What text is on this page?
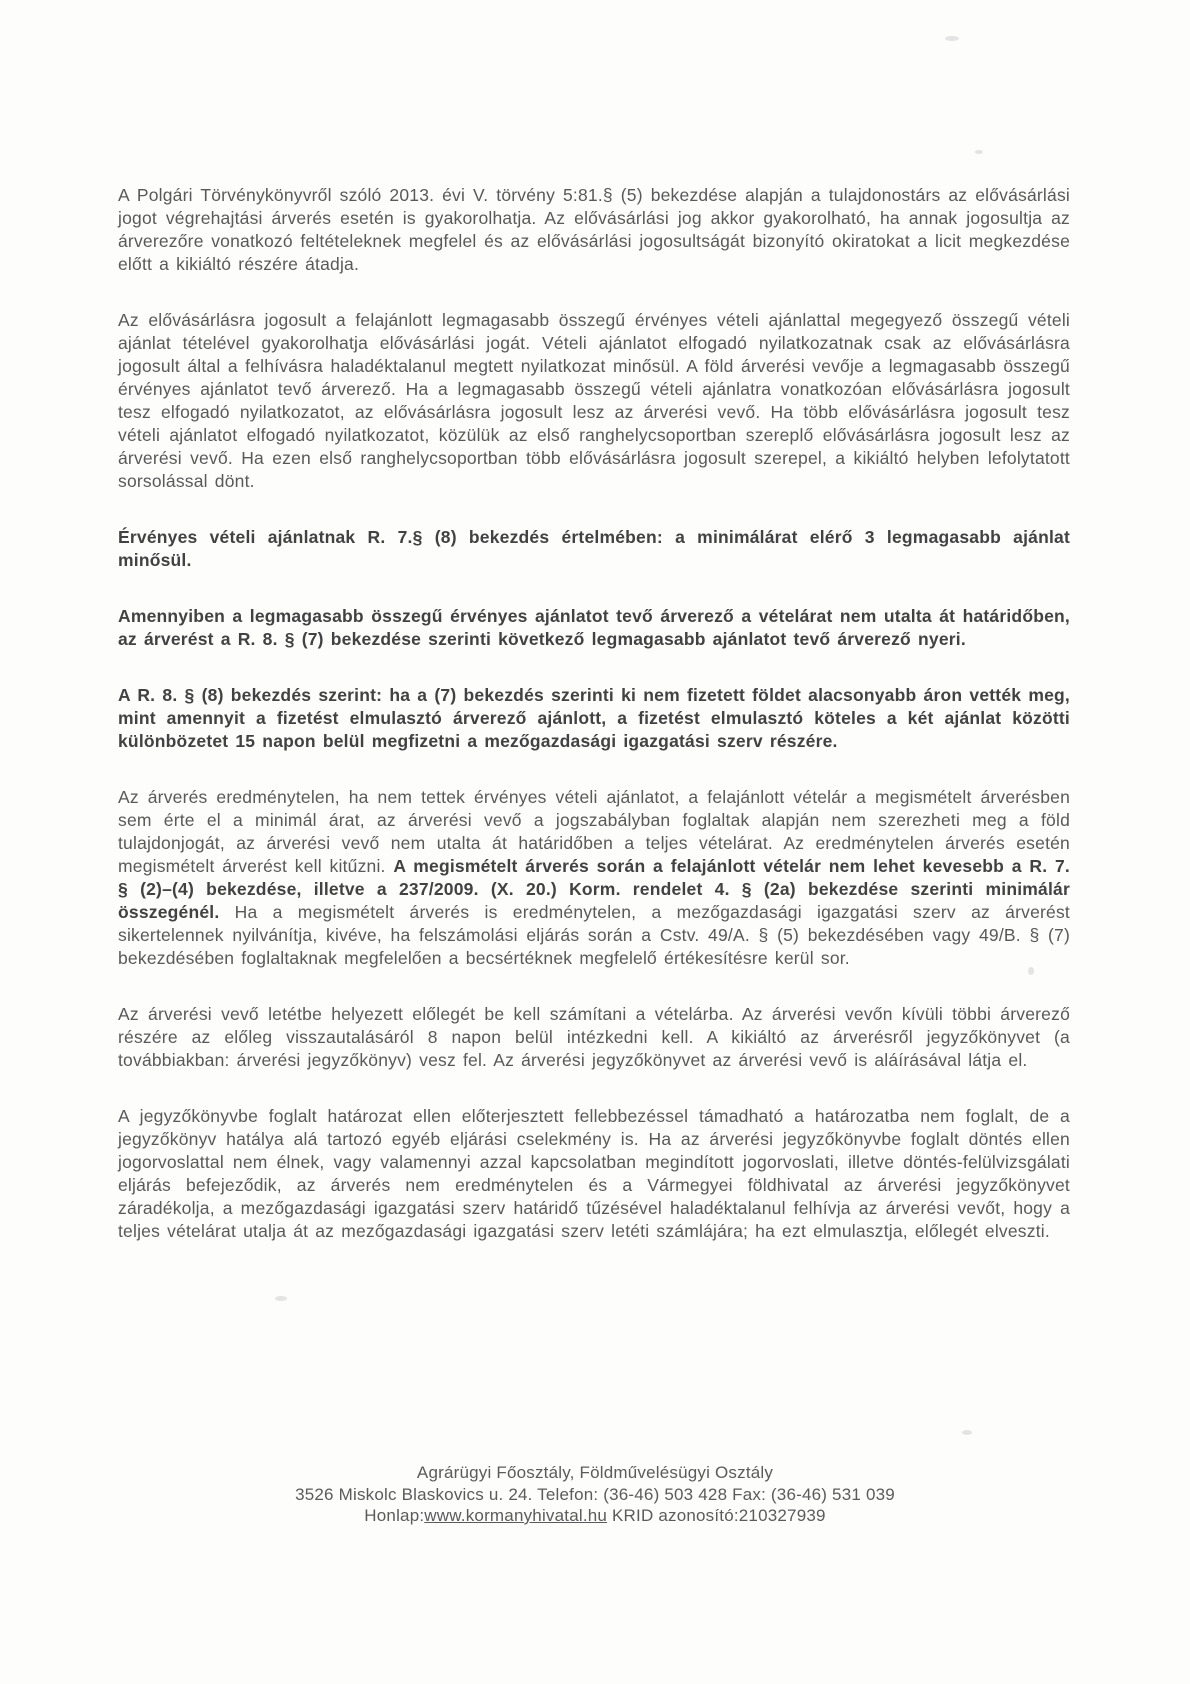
A Polgári Törvénykönyvről szóló 2013. évi V. törvény 5:81.§ (5) bekezdése alapján a tulajdonostárs az elővásárlási jogot végrehajtási árverés esetén is gyakorolhatja. Az elővásárlási jog akkor gyakorolható, ha annak jogosultja az árverezőre vonatkozó feltételeknek megfelel és az elővásárlási jogosultságát bizonyító okiratokat a licit megkezdése előtt a kikiáltó részére átadja.

Az elővásárlásra jogosult a felajánlott legmagasabb összegű érvényes vételi ajánlattal megegyező összegű vételi ajánlat tételével gyakorolhatja elővásárlási jogát. Vételi ajánlatot elfogadó nyilatkozatnak csak az elővásárlásra jogosult által a felhívásra haladéktalanul megtett nyilatkozat minősül. A föld árverési vevője a legmagasabb összegű érvényes ajánlatot tevő árverező. Ha a legmagasabb összegű vételi ajánlatra vonatkozóan elővásárlásra jogosult tesz elfogadó nyilatkozatot, az elővásárlásra jogosult lesz az árverési vevő. Ha több elővásárlásra jogosult tesz vételi ajánlatot elfogadó nyilatkozatot, közülük az első ranghelycsoportban szereplő elővásárlásra jogosult lesz az árverési vevő. Ha ezen első ranghelycsoportban több elővásárlásra jogosult szerepel, a kikiáltó helyben lefolytatott sorsolással dönt.

Érvényes vételi ajánlatnak R. 7.§ (8) bekezdés értelmében: a minimálárat elérő 3 legmagasabb ajánlat minősül.

Amennyiben a legmagasabb összegű érvényes ajánlatot tevő árverező a vételárat nem utalta át határidőben, az árverést a R. 8. § (7) bekezdése szerinti következő legmagasabb ajánlatot tevő árverező nyeri.

A R. 8. § (8) bekezdés szerint: ha a (7) bekezdés szerinti ki nem fizetett földet alacsonyabb áron vették meg, mint amennyit a fizetést elmulasztó árverező ajánlott, a fizetést elmulasztó köteles a két ajánlat közötti különbözetet 15 napon belül megfizetni a mezőgazdasági igazgatási szerv részére.

Az árverés eredménytelen, ha nem tettek érvényes vételi ajánlatot, a felajánlott vételár a megismételt árverésben sem érte el a minimál árat, az árverési vevő a jogszabályban foglaltak alapján nem szerezheti meg a föld tulajdonjogát, az árverési vevő nem utalta át határidőben a teljes vételárat. Az eredménytelen árverés esetén megismételt árverést kell kitűzni. A megismételt árverés során a felajánlott vételár nem lehet kevesebb a R. 7. § (2)–(4) bekezdése, illetve a 237/2009. (X. 20.) Korm. rendelet 4. § (2a) bekezdése szerinti minimálár összegénél. Ha a megismételt árverés is eredménytelen, a mezőgazdasági igazgatási szerv az árverést sikertelennek nyilvánítja, kivéve, ha felszámolási eljárás során a Cstv. 49/A. § (5) bekezdésében vagy 49/B. § (7) bekezdésében foglaltaknak megfelelően a becsértéknek megfelelő értékesítésre kerül sor.

Az árverési vevő letétbe helyezett előlegét be kell számítani a vételárba. Az árverési vevőn kívüli többi árverező részére az előleg visszautalásáról 8 napon belül intézkedni kell. A kikiáltó az árverésről jegyzőkönyvet (a továbbiakban: árverési jegyzőkönyv) vesz fel. Az árverési jegyzőkönyvet az árverési vevő is aláírásával látja el.

A jegyzőkönyvbe foglalt határozat ellen előterjesztett fellebbezéssel támadható a határozatba nem foglalt, de a jegyzőkönyv hatálya alá tartozó egyéb eljárási cselekmény is. Ha az árverési jegyzőkönyvbe foglalt döntés ellen jogorvoslattal nem élnek, vagy valamennyi azzal kapcsolatban megindított jogorvoslati, illetve döntés-felülvizsgálati eljárás befejeződik, az árverés nem eredménytelen és a Vármegyei földhivatal az árverési jegyzőkönyvet záradékolja, a mezőgazdasági igazgatási szerv határidő tűzésével haladéktalanul felhívja az árverési vevőt, hogy a teljes vételárat utalja át az mezőgazdasági igazgatási szerv letéti számlájára; ha ezt elmulasztja, előlegét elveszti.

Agrárügyi Főosztály, Földművelésügyi Osztály
3526 Miskolc Blaskovics u. 24. Telefon: (36-46) 503 428 Fax: (36-46) 531 039
Honlap:www.kormanyhivatal.hu KRID azonosító:210327939
